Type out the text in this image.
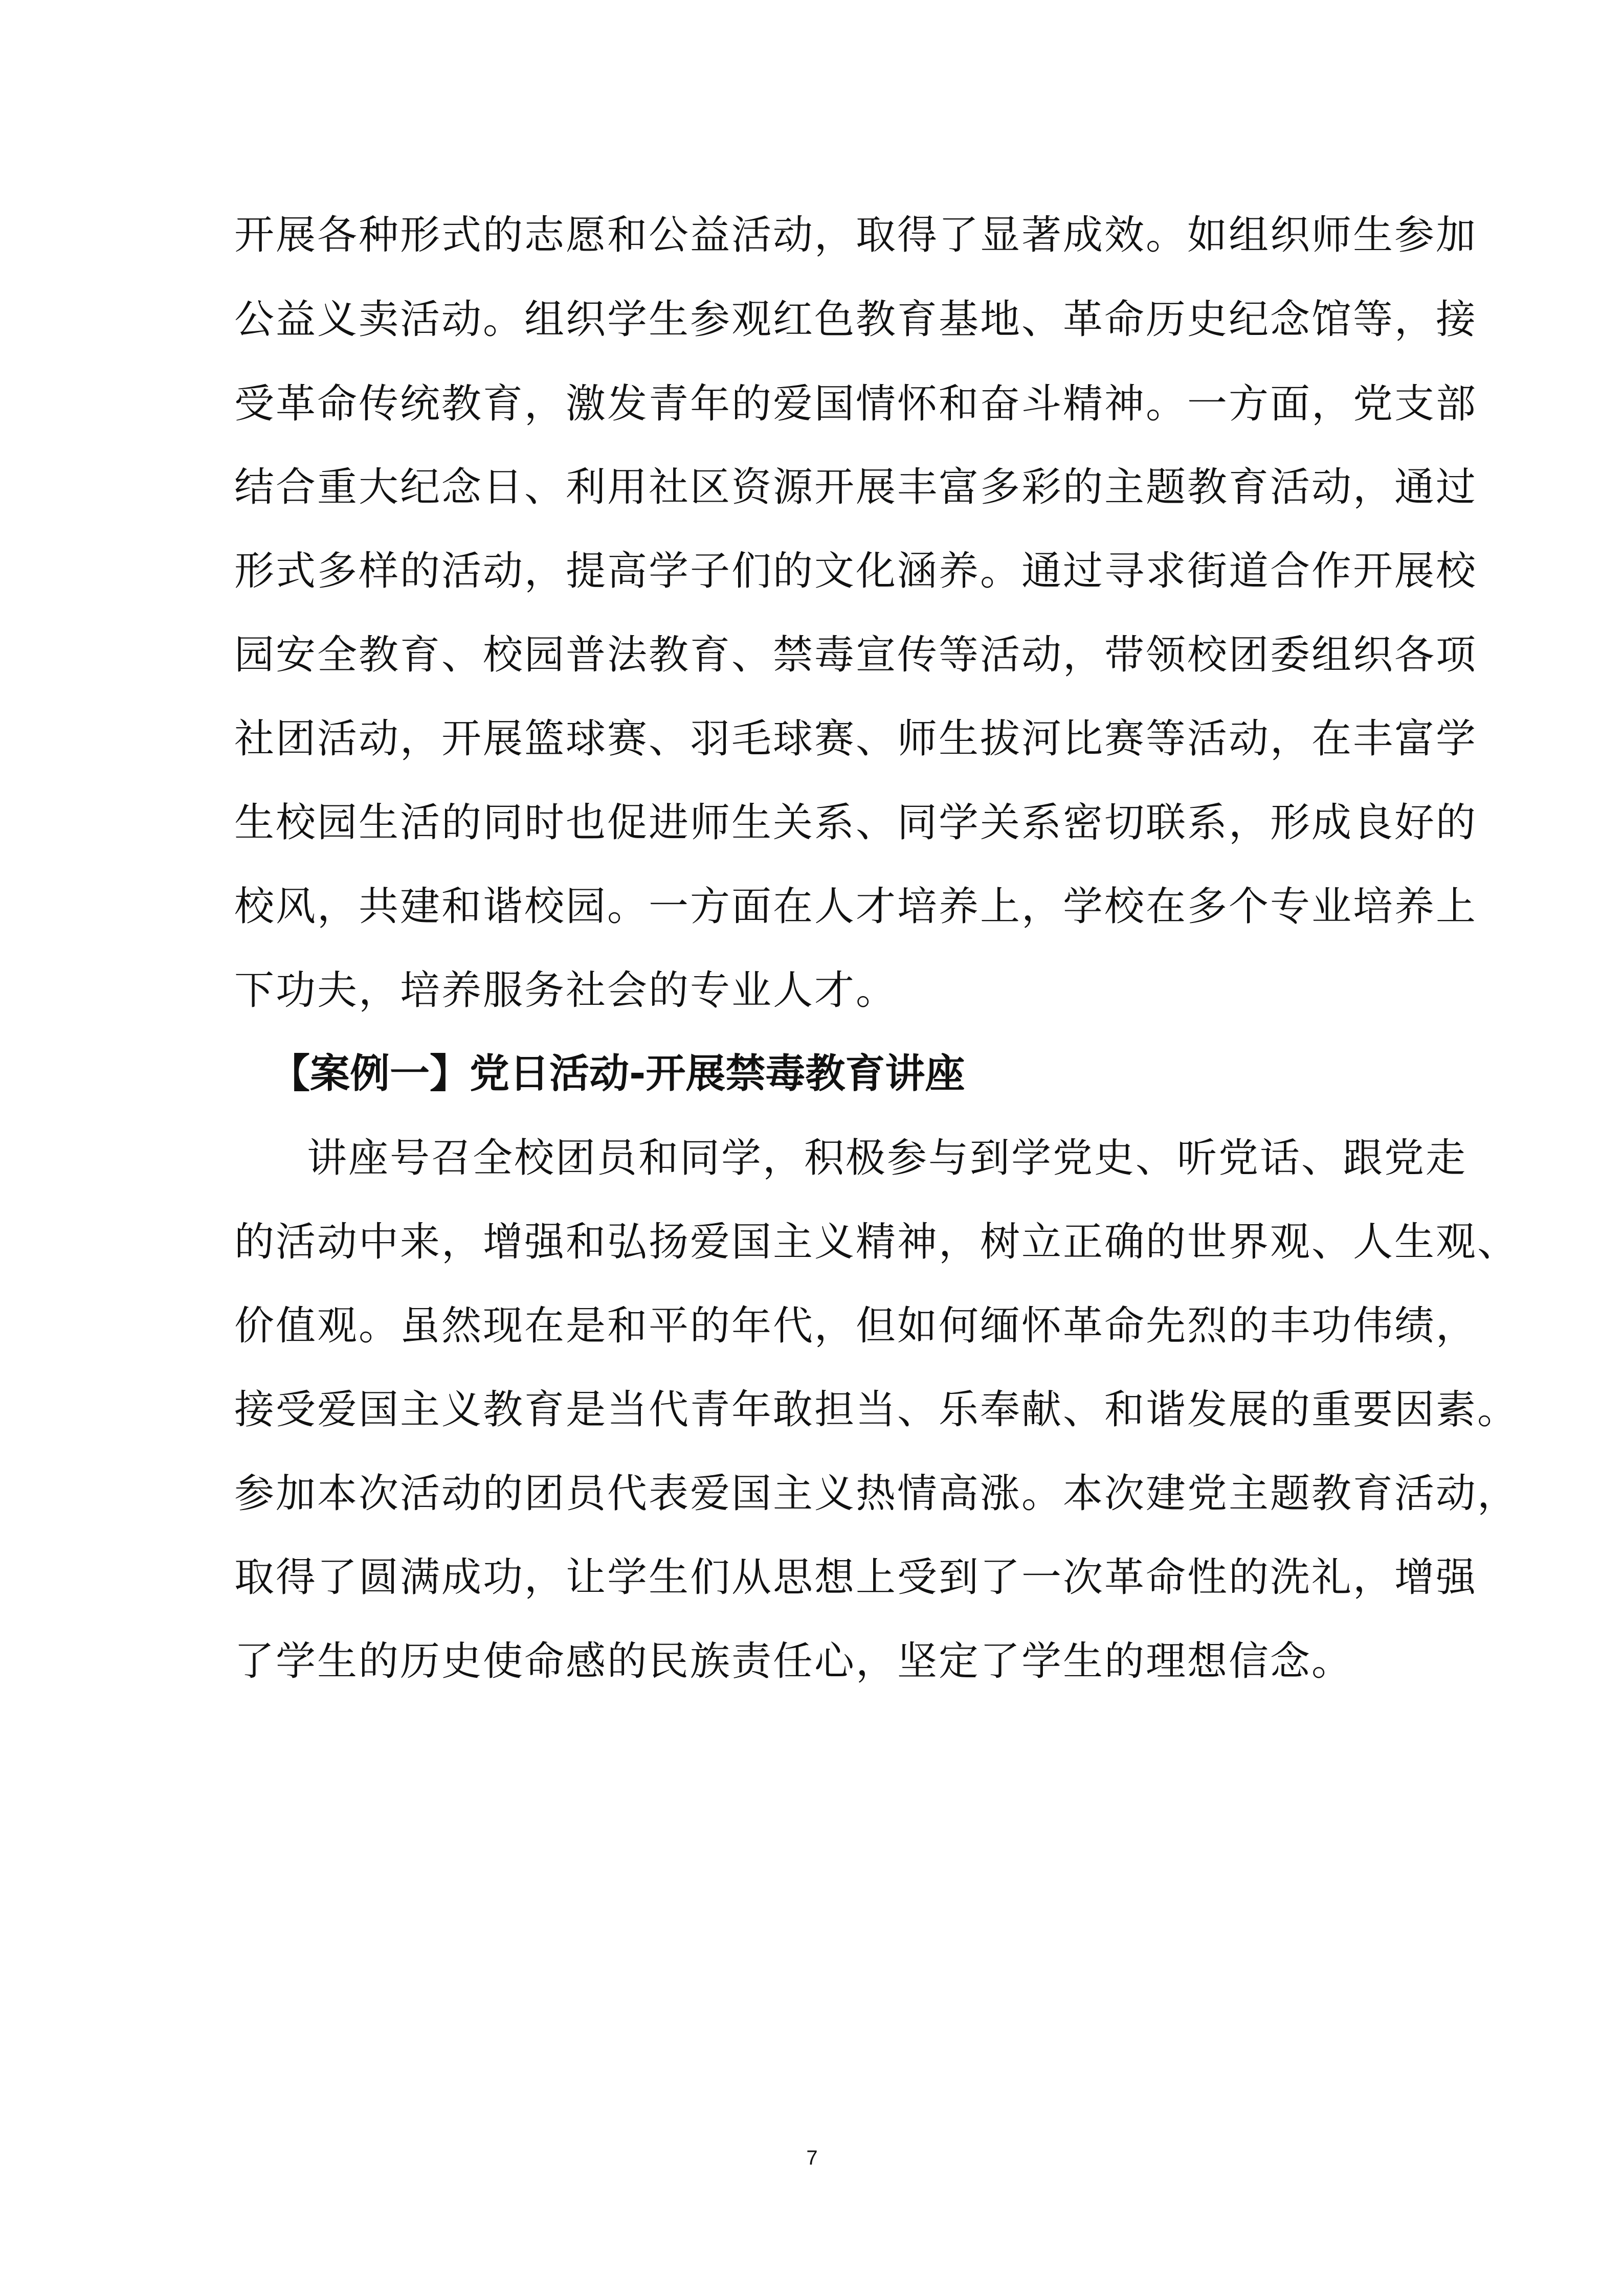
开展各种形式的志愿和公益活动，取得了显著成效。如组织师生参加
公益义卖活动。组织学生参观红色教育基地、革命历史纪念馆等，接
受革命传统教育，激发青年的爱国情怀和奋斗精神。一方面，党支部
结合重大纪念日、利用社区资源开展丰富多彩的主题教育活动，通过
形式多样的活动，提高学子们的文化涵养。通过寻求街道合作开展校
园安全教育、校园普法教育、禁毒宣传等活动，带领校团委组织各项
社团活动，开展篮球赛、羽毛球赛、师生拔河比赛等活动，在丰富学
生校园生活的同时也促进师生关系、同学关系密切联系，形成良好的
校风，共建和谐校园。一方面在人才培养上，学校在多个专业培养上
下功夫，培养服务社会的专业人才。
【案例一】党日活动-开展禁毒教育讲座
讲座号召全校团员和同学，积极参与到学党史、听党话、跟党走
的活动中来，增强和弘扬爱国主义精神，树立正确的世界观、人生观、
价值观。虽然现在是和平的年代，但如何缅怀革命先烈的丰功伟绩，
接受爱国主义教育是当代青年敢担当、乐奉献、和谐发展的重要因素。
参加本次活动的团员代表爱国主义热情高涨。本次建党主题教育活动，
取得了圆满成功，让学生们从思想上受到了一次革命性的洗礼，增强
了学生的历史使命感的民族责任心，坚定了学生的理想信念。
7
